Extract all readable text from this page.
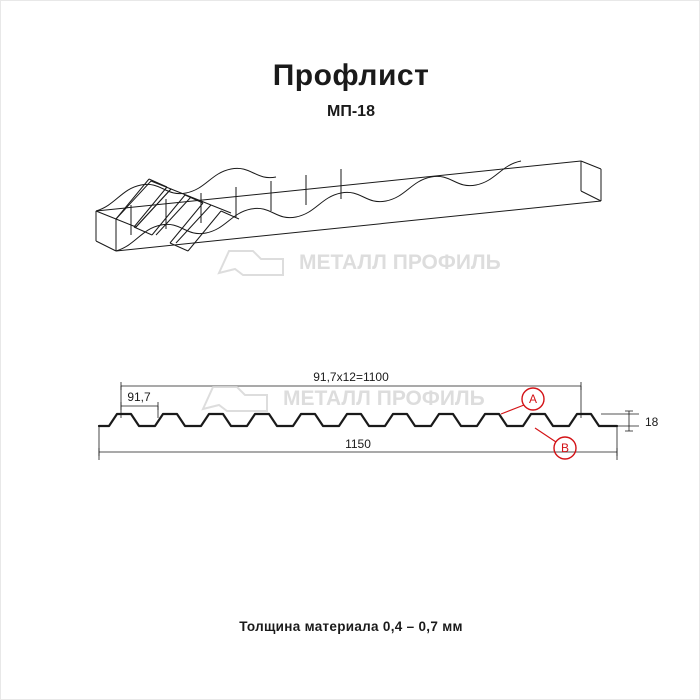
Профлист
МП-18
МЕТАЛЛ ПРОФИЛЬ
91,7х12=1100
91,7
1150
18
A
B
МЕТАЛЛ ПРОФИЛЬ
Толщина материала 0,4 – 0,7 мм
